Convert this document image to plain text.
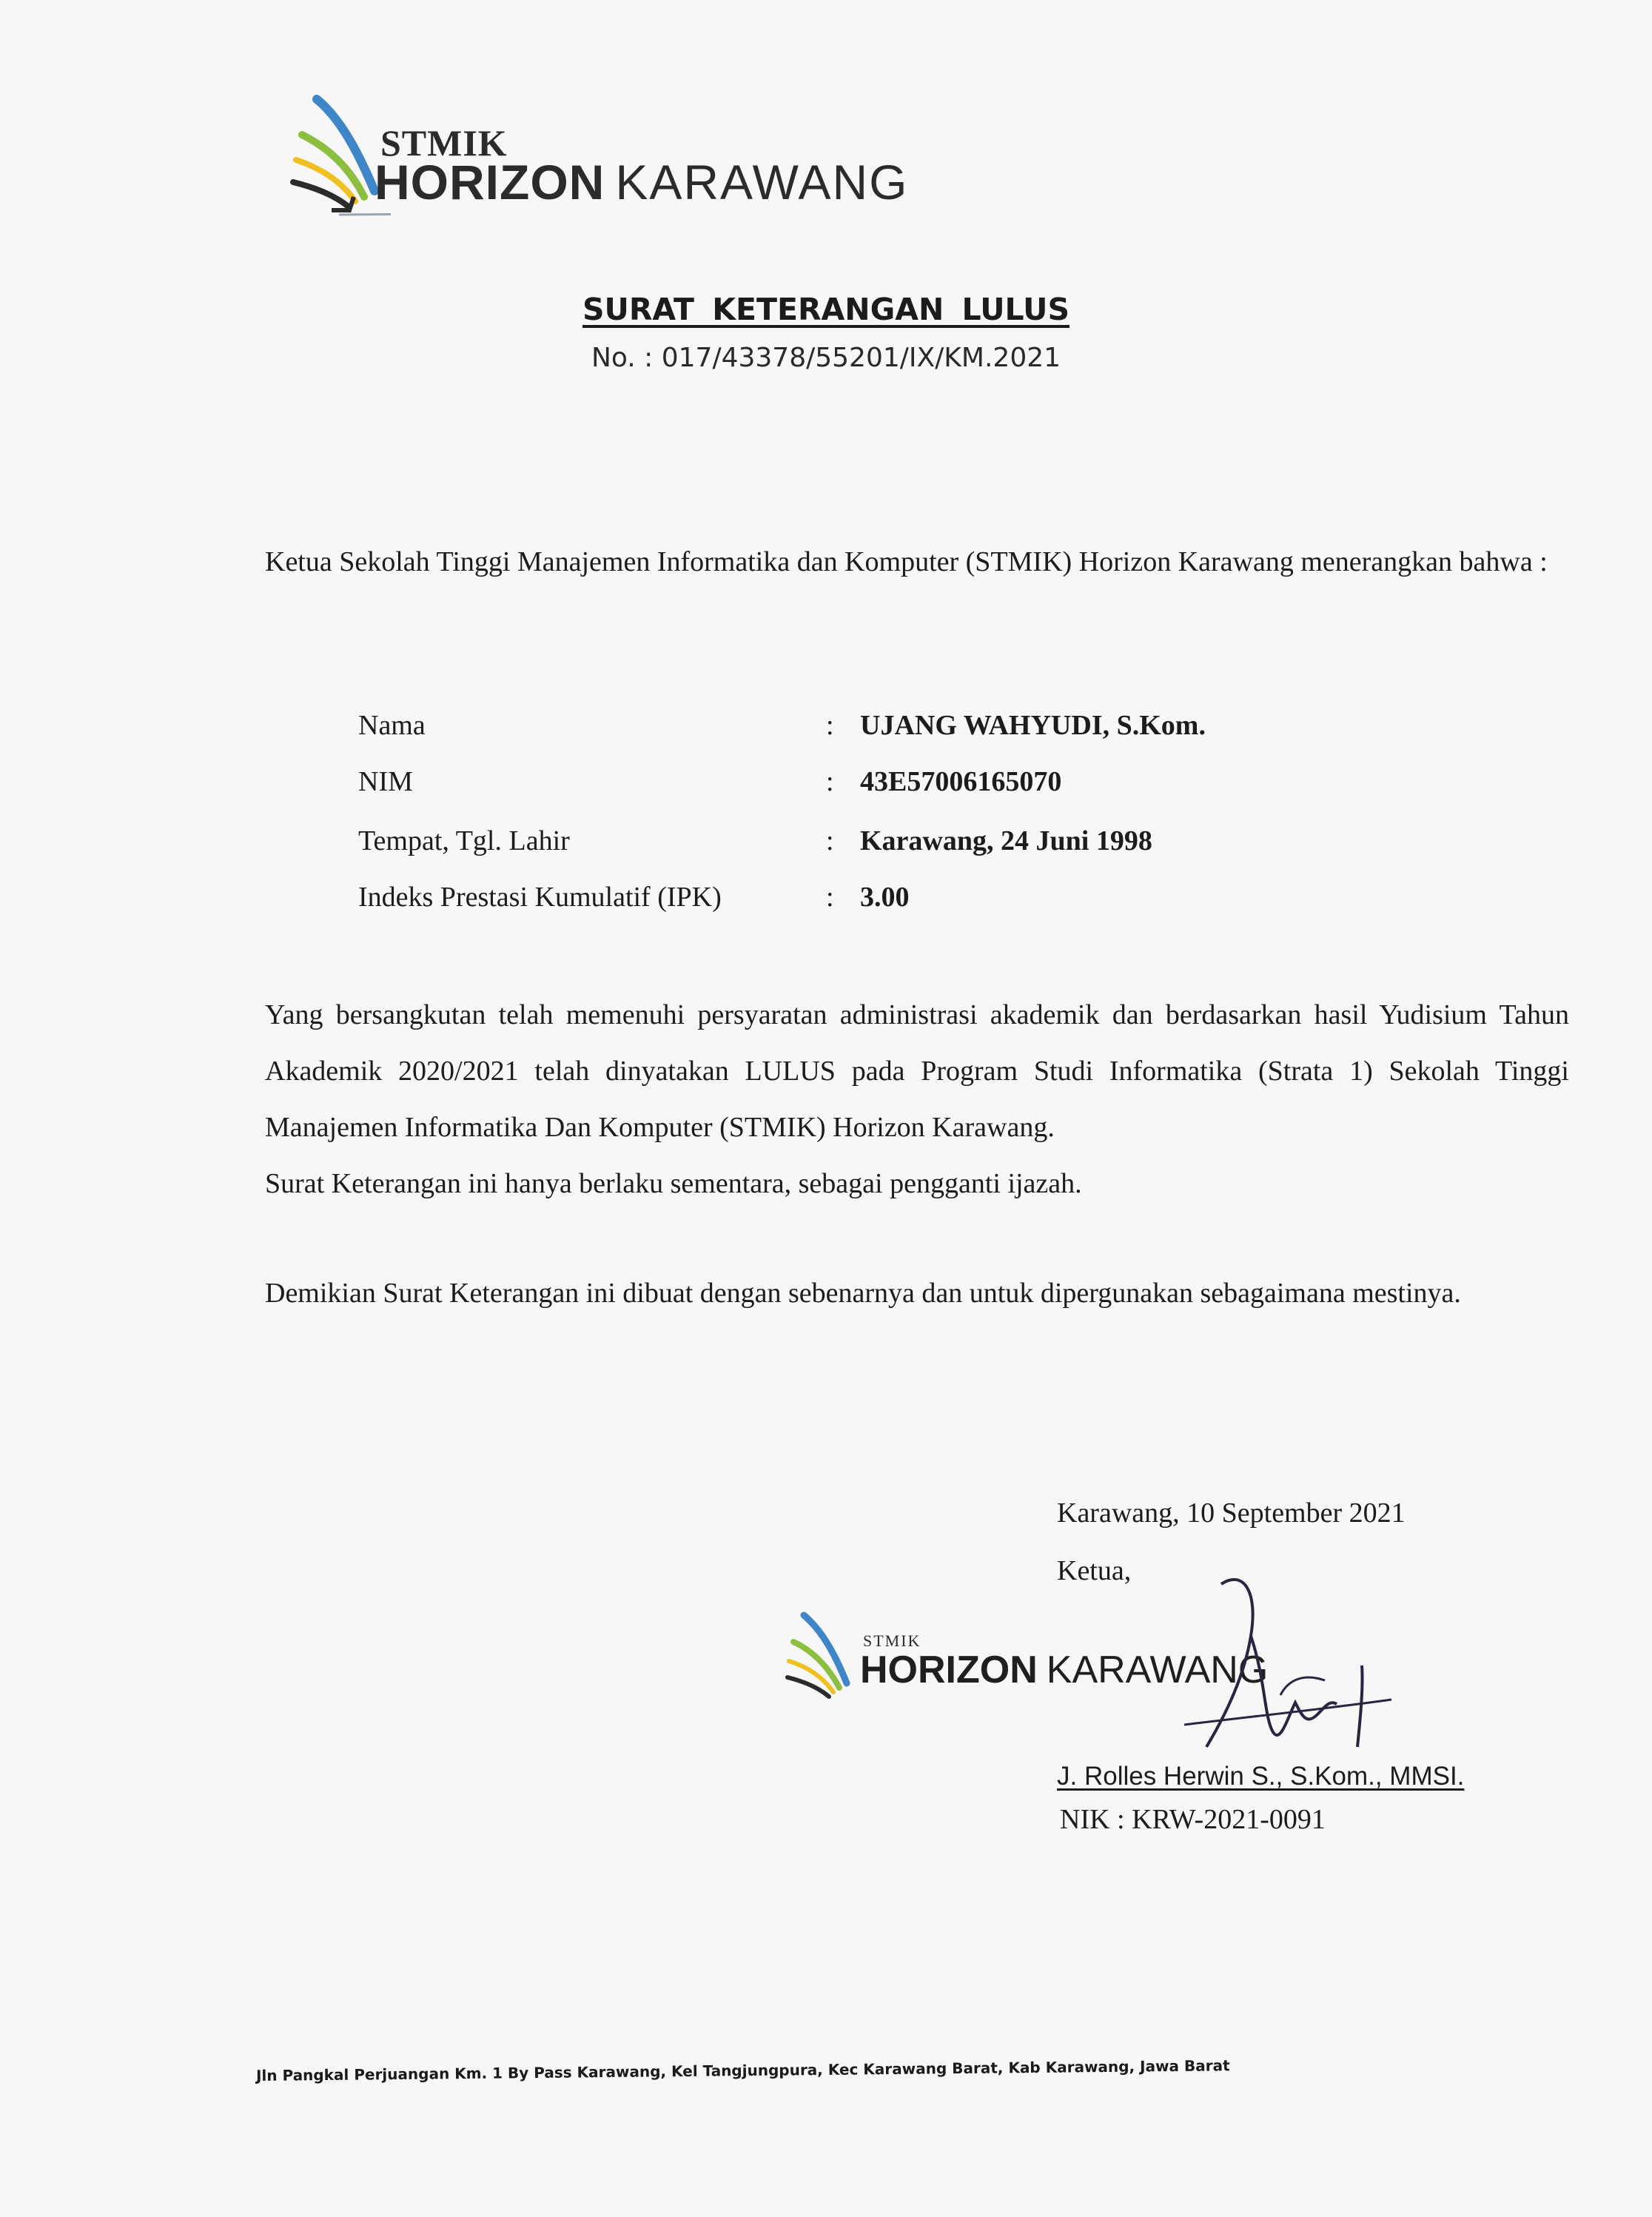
STMIK
HORIZON KARAWANG
SURAT KETERANGAN LULUS
No. : 017/43378/55201/IX/KM.2021
Ketua Sekolah Tinggi Manajemen Informatika dan Komputer (STMIK) Horizon Karawang menerangkan bahwa :
Nama	: UJANG WAHYUDI, S.Kom.
NIM	: 43E57006165070
Tempat, Tgl. Lahir	: Karawang, 24 Juni 1998
Indeks Prestasi Kumulatif (IPK)	: 3.00
Yang bersangkutan telah memenuhi persyaratan administrasi akademik dan berdasarkan hasil Yudisium Tahun Akademik 2020/2021 telah dinyatakan LULUS pada Program Studi Informatika (Strata 1) Sekolah Tinggi Manajemen Informatika Dan Komputer (STMIK) Horizon Karawang.
Surat Keterangan ini hanya berlaku sementara, sebagai pengganti ijazah.
Demikian Surat Keterangan ini dibuat dengan sebenarnya dan untuk dipergunakan sebagaimana mestinya.
Karawang, 10 September 2021
Ketua,
STMIK
HORIZON KARAWANG
J. Rolles Herwin S., S.Kom., MMSI.
NIK : KRW-2021-0091
Jln Pangkal Perjuangan Km. 1 By Pass Karawang, Kel Tangjungpura, Kec Karawang Barat, Kab Karawang, Jawa Barat
